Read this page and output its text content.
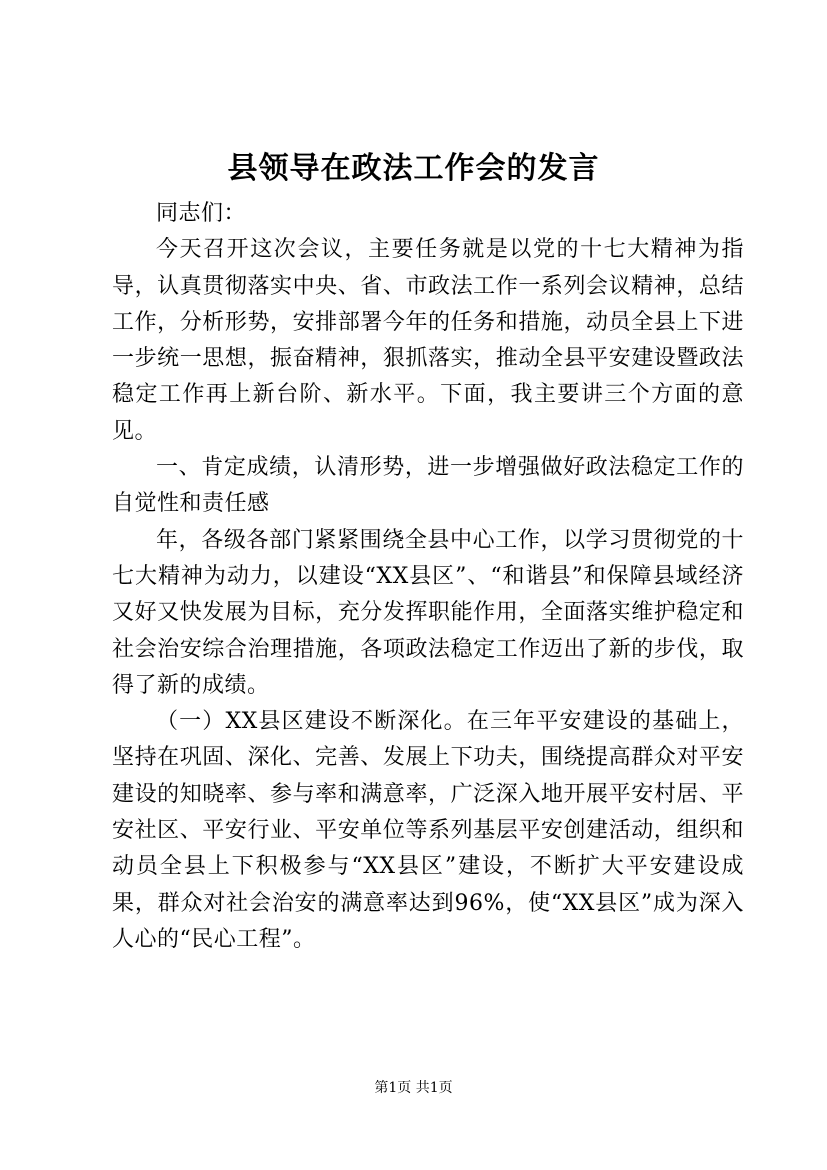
县领导在政法工作会的发言

同志们：

今天召开这次会议，主要任务就是以党的十七大精神为指导，认真贯彻落实中央、省、市政法工作一系列会议精神，总结工作，分析形势，安排部署今年的任务和措施，动员全县上下进一步统一思想，振奋精神，狠抓落实，推动全县平安建设暨政法稳定工作再上新台阶、新水平。下面，我主要讲三个方面的意见。

一、肯定成绩，认清形势，进一步增强做好政法稳定工作的自觉性和责任感

年，各级各部门紧紧围绕全县中心工作，以学习贯彻党的十七大精神为动力，以建设“XX县区”、“和谐县”和保障县域经济又好又快发展为目标，充分发挥职能作用，全面落实维护稳定和社会治安综合治理措施，各项政法稳定工作迈出了新的步伐，取得了新的成绩。

（一）XX县区建设不断深化。在三年平安建设的基础上，坚持在巩固、深化、完善、发展上下功夫，围绕提高群众对平安建设的知晓率、参与率和满意率，广泛深入地开展平安村居、平安社区、平安行业、平安单位等系列基层平安创建活动，组织和动员全县上下积极参与“XX县区”建设，不断扩大平安建设成果，群众对社会治安的满意率达到96%，使“XX县区”成为深入人心的“民心工程”。

第1页 共1页
